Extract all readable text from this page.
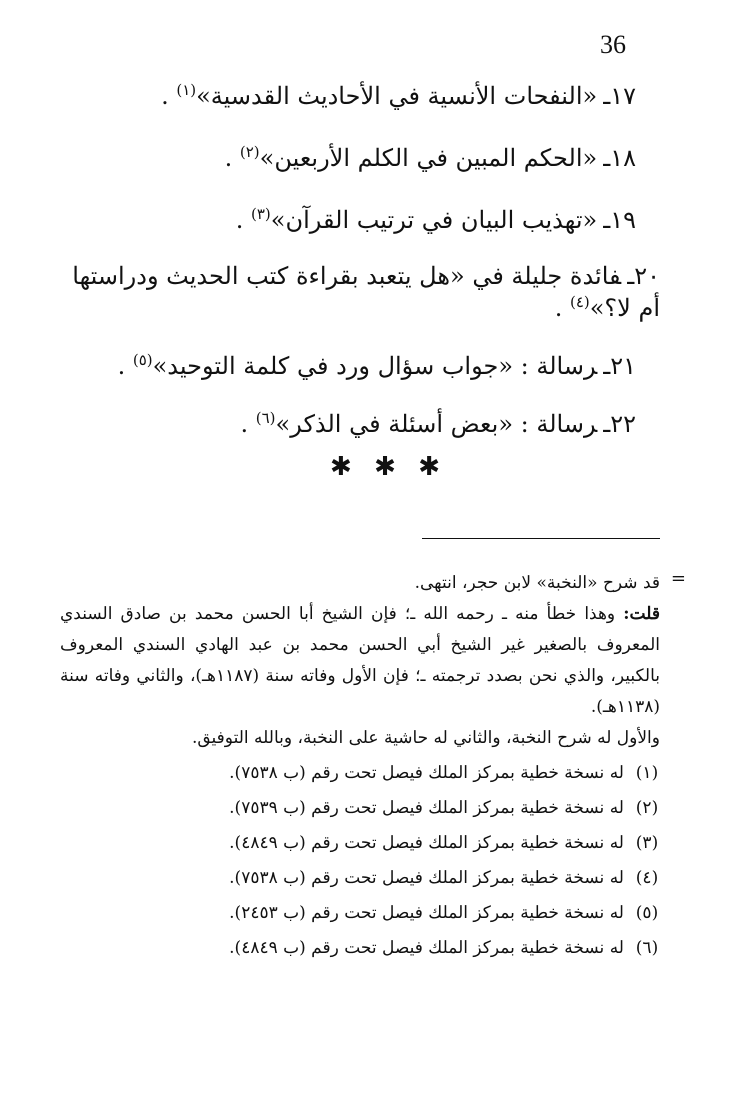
36

١٧ـ«النفحات الأنسية في الأحاديث القدسية»$^{(١)}$ .

١٨ـ«الحكم المبين في الكلم الأربعين»$^{(٢)}$ .

١٩ـ«تهذيب البيان في ترتيب القرآن»$^{(٣)}$ .

٢٠ـفائدة جليلة في «هل يتعبد بقراءة كتب الحديث ودراستها أم لا؟»$^{(٤)}$ .

٢١ـرسالة : «جواب سؤال ورد في كلمة التوحيد»$^{(٥)}$ .

٢٢ـرسالة : «بعض أسئلة في الذكر»$^{(٦)}$ .

✱ ✱ ✱
=

قد شرح «النخبة» لابن حجر، انتهى.

قلت: وهذا خطأ منه ـ رحمه الله ـ؛ فإن الشيخ أبا الحسن محمد بن صادق السندي المعروف بالصغير غير الشيخ أبي الحسن محمد بن عبد الهادي السندي المعروف بالكبير، والذي نحن بصدد ترجمته ـ؛ فإن الأول وفاته سنة (١١٨٧هـ)، والثاني وفاته سنة (١١٣٨هـ).

والأول له شرح النخبة، والثاني له حاشية على النخبة، وبالله التوفيق.

(١)
له نسخة خطية بمركز الملك فيصل تحت رقم (ب ٧٥٣٨).
(٢)
له نسخة خطية بمركز الملك فيصل تحت رقم (ب ٧٥٣٩).
(٣)
له نسخة خطية بمركز الملك فيصل تحت رقم (ب ٤٨٤٩).
(٤)
له نسخة خطية بمركز الملك فيصل تحت رقم (ب ٧٥٣٨).
(٥)
له نسخة خطية بمركز الملك فيصل تحت رقم (ب ٢٤٥٣).
(٦)
له نسخة خطية بمركز الملك فيصل تحت رقم (ب ٤٨٤٩).
